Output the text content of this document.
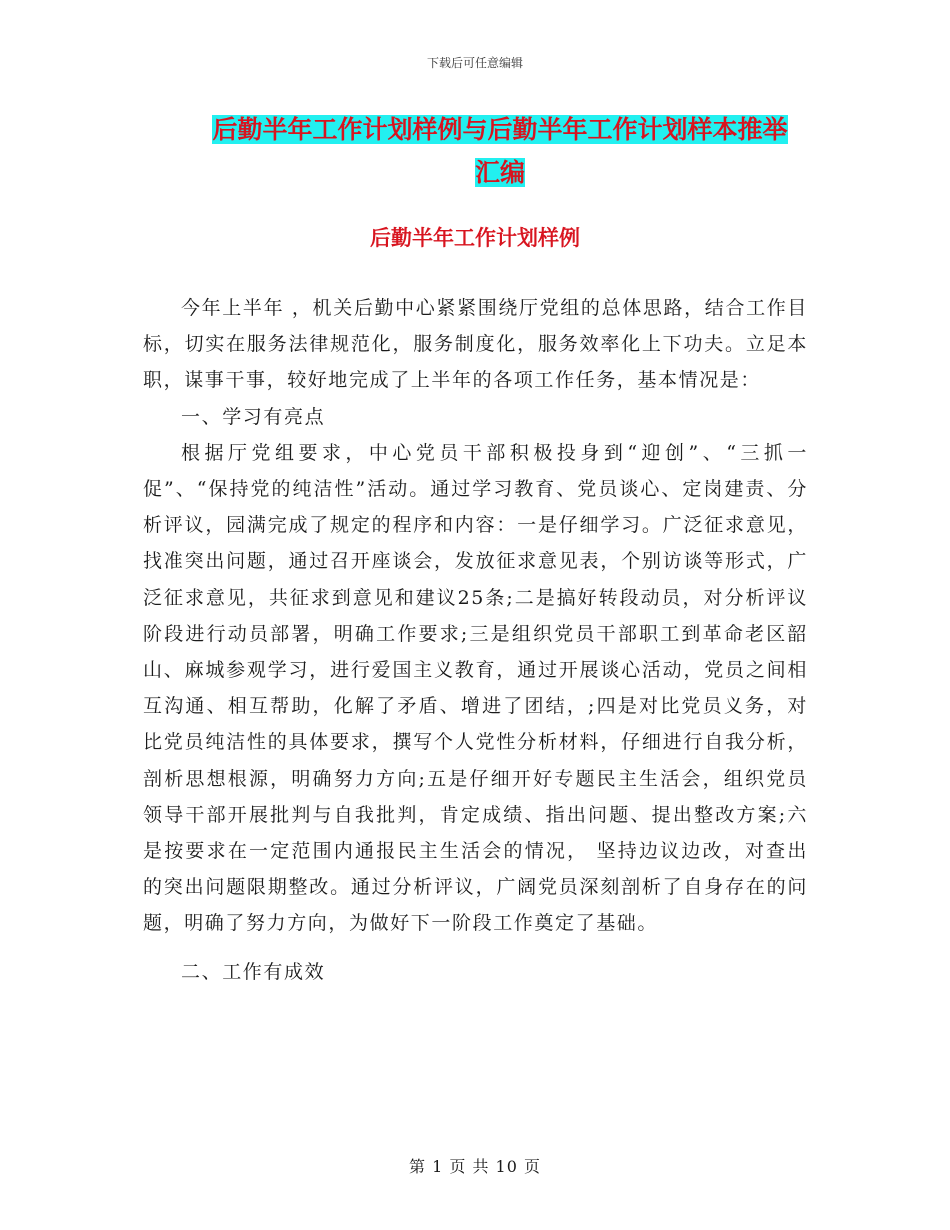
下载后可任意编辑
后勤半年工作计划样例与后勤半年工作计划样本推举
汇编
后勤半年工作计划样例

今年上半年 ，机关后勤中心紧紧围绕厅党组的总体思路，结合工作目标，切实在服务法律规范化，服务制度化，服务效率化上下功夫。立足本职，谋事干事，较好地完成了上半年的各项工作任务，基本情况是：

一、学习有亮点

根据厅党组要求，中心党员干部积极投身到“迎创”、“三抓一促”、“保持党的纯洁性”活动。通过学习教育、党员谈心、定岗建责、分析评议，园满完成了规定的程序和内容：一是仔细学习。广泛征求意见，找准突出问题，通过召开座谈会，发放征求意见表，个别访谈等形式，广泛征求意见，共征求到意见和建议25条;二是搞好转段动员，对分析评议阶段进行动员部署，明确工作要求;三是组织党员干部职工到革命老区韶山、麻城参观学习，进行爱国主义教育，通过开展谈心活动，党员之间相互沟通、相互帮助，化解了矛盾、增进了团结，;四是对比党员义务，对比党员纯洁性的具体要求，撰写个人党性分析材料，仔细进行自我分析，剖析思想根源，明确努力方向;五是仔细开好专题民主生活会，组织党员领导干部开展批判与自我批判，肯定成绩、指出问题、提出整改方案;六是按要求在一定范围内通报民主生活会的情况， 坚持边议边改，对查出的突出问题限期整改。通过分析评议，广阔党员深刻剖析了自身存在的问题，明确了努力方向，为做好下一阶段工作奠定了基础。

二、工作有成效

第 1 页 共 10 页
